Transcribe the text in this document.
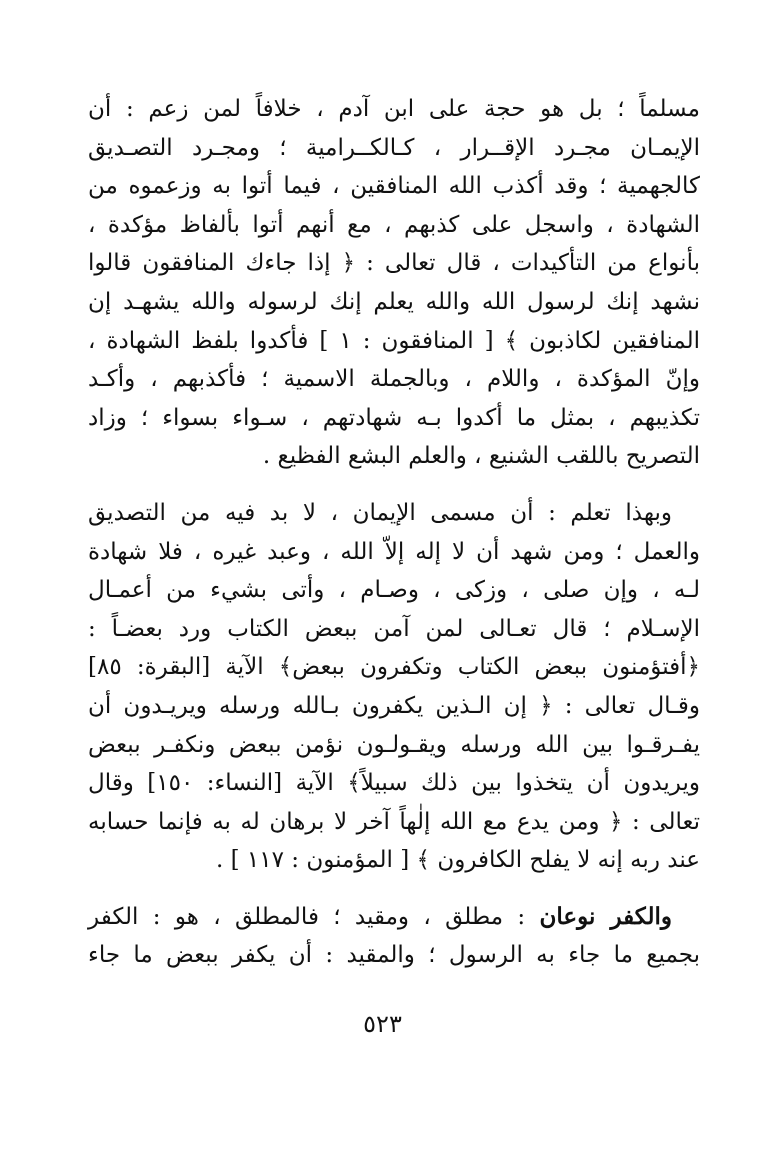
مسلماً ؛ بل هو حجة على ابن آدم ، خلافاً لمن زعم : أن
الإيمـان مجـرد الإقــرار ، كـالكــرامية ؛ ومجـرد التصـديق
كالجهمية ؛ وقد أكذب الله المنافقين ، فيما أتوا به وزعموه من
الشهادة ، واسجل على كذبهم ، مع أنهم أتوا بألفاظ مؤكدة ،
بأنواع من التأكيدات ، قال تعالى : ﴿ إذا جاءك المنافقون قالوا
نشهد إنك لرسول الله والله يعلم إنك لرسوله والله يشهـد إن
المنافقين لكاذبون ﴾ [ المنافقون : ١ ] فأكدوا بلفظ الشهادة ،
وإنّ المؤكدة ، واللام ، وبالجملة الاسمية ؛ فأكذبهم ، وأكـد
تكذيبهم ، بمثل ما أكدوا بـه شهادتهم ، سـواء بسواء ؛ وزاد
التصريح باللقب الشنيع ، والعلم البشع الفظيع .
وبهذا تعلم : أن مسمى الإيمان ، لا بد فيه من التصديق
والعمل ؛ ومن شهد أن لا إله إلاّ الله ، وعبد غيره ، فلا شهادة
لـه ، وإن صلى ، وزكى ، وصـام ، وأتى بشيء من أعمـال
الإسـلام ؛ قال تعـالى لمن آمن ببعض الكتاب ورد بعضـاً :
﴿أفتؤمنون ببعض الكتاب وتكفرون ببعض﴾ الآية [البقرة: ٨٥]
وقـال تعالى : ﴿ إن الـذين يكفرون بـالله ورسله ويريـدون أن
يفـرقـوا بين الله ورسله ويقـولـون نؤمن ببعض ونكفـر ببعض
ويريدون أن يتخذوا بين ذلك سبيلاً﴾ الآية [النساء: ١٥٠] وقال
تعالى : ﴿ ومن يدع مع الله إلٰهاً آخر لا برهان له به فإنما حسابه
عند ربه إنه لا يفلح الكافرون ﴾ [ المؤمنون : ١١٧ ] .
والكفر نوعان : مطلق ، ومقيد ؛ فالمطلق ، هو : الكفر
بجميع ما جاء به الرسول ؛ والمقيد : أن يكفر ببعض ما جاء
٥٢٣
